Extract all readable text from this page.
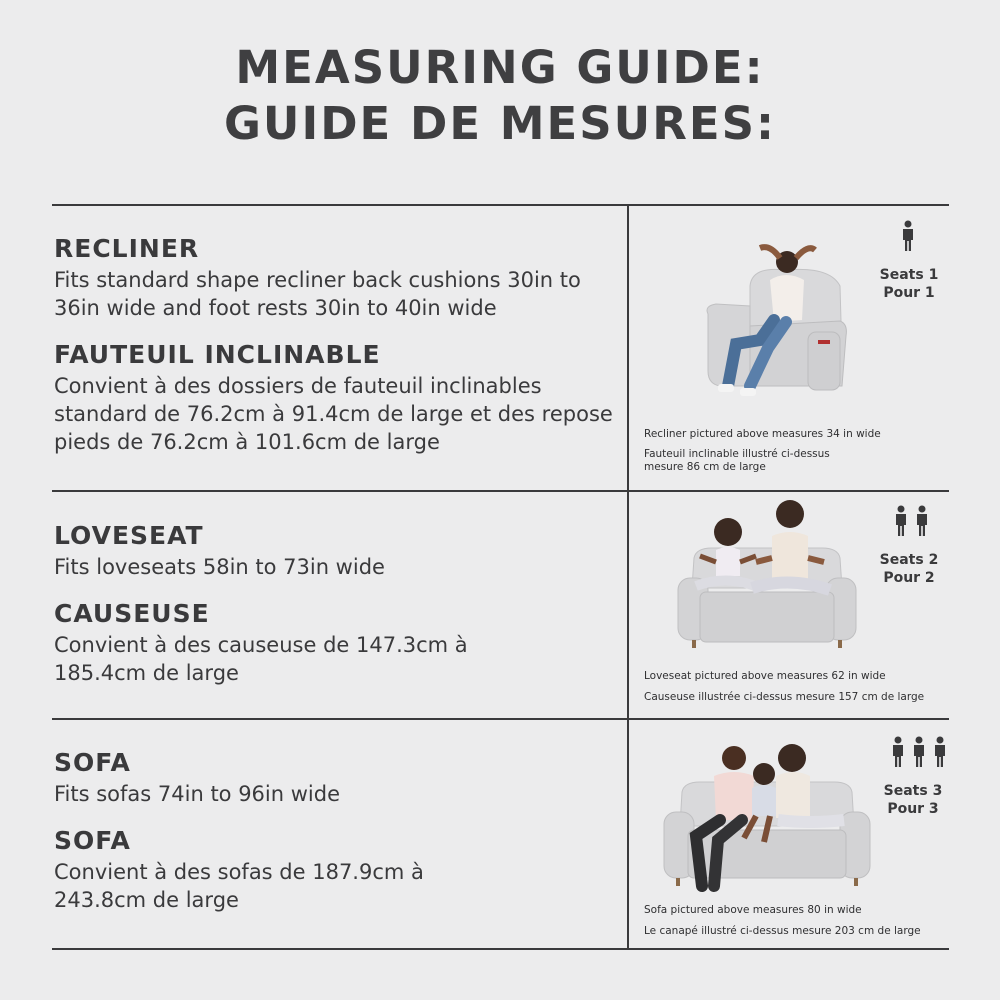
MEASURING GUIDE:
GUIDE DE MESURES:
RECLINER
Fits standard shape recliner back cushions 30in to 36in wide and foot rests 30in to 40in wide
FAUTEUIL INCLINABLE
Convient à des dossiers de fauteuil inclinables standard de 76.2cm à 91.4cm de large et des repose pieds de 76.2cm à 101.6cm de large
Seats 1
Pour 1
Recliner pictured above measures 34 in wide
Fauteuil inclinable illustré ci-dessus mesure 86 cm de large
LOVESEAT
Fits loveseats 58in to 73in wide
CAUSEUSE
Convient à des causeuse de 147.3cm à 185.4cm de large

Seats 2
Pour 2
Loveseat pictured above measures 62 in wide
Causeuse illustrée ci-dessus mesure 157 cm de large
SOFA
Fits sofas 74in to 96in wide
SOFA
Convient à des sofas de 187.9cm à 243.8cm de large

Seats 3
Pour 3
Sofa pictured above measures 80 in wide
Le canapé illustré ci-dessus mesure 203 cm de large
